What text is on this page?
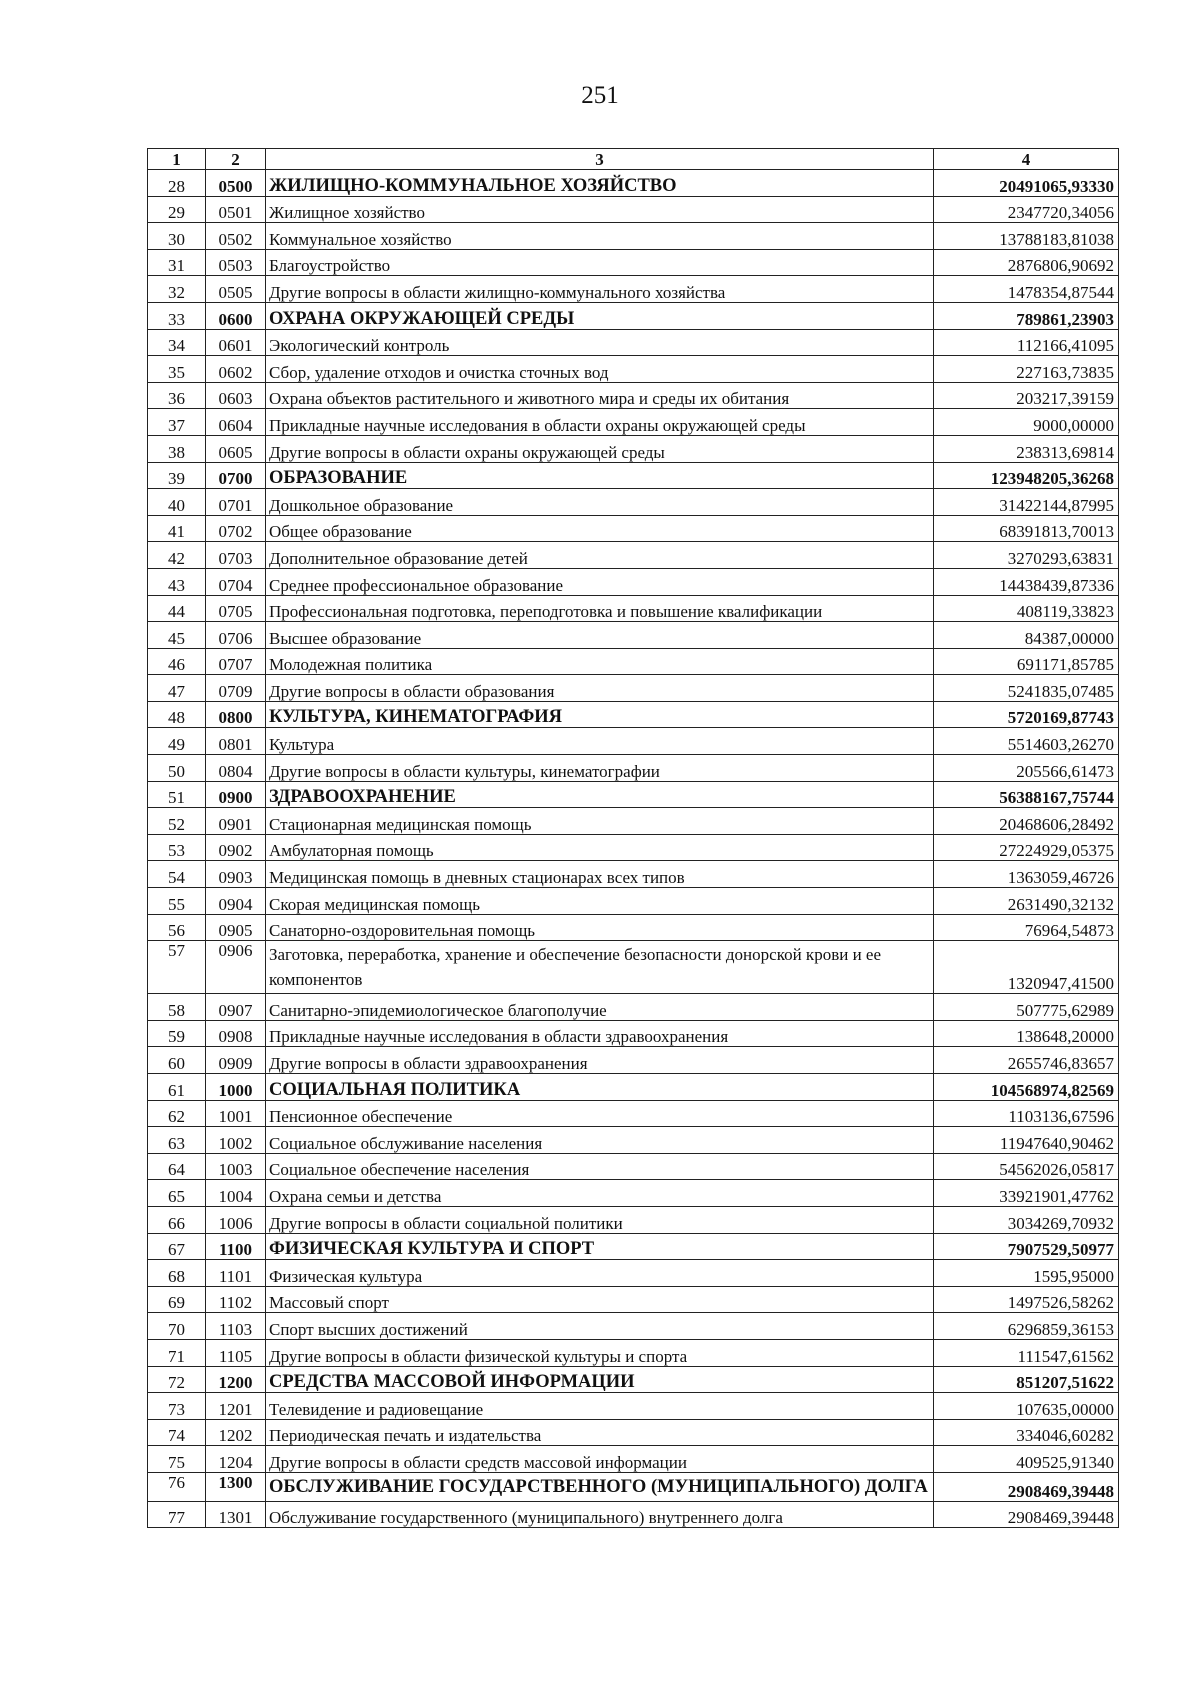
251
1	2	3	4
28	0500	ЖИЛИЩНО-КОММУНАЛЬНОЕ ХОЗЯЙСТВО	20491065,93330
29	0501	Жилищное хозяйство	2347720,34056
30	0502	Коммунальное хозяйство	13788183,81038
31	0503	Благоустройство	2876806,90692
32	0505	Другие вопросы в области жилищно-коммунального хозяйства	1478354,87544
33	0600	ОХРАНА ОКРУЖАЮЩЕЙ СРЕДЫ	789861,23903
34	0601	Экологический контроль	112166,41095
35	0602	Сбор, удаление отходов и очистка сточных вод	227163,73835
36	0603	Охрана объектов растительного и животного мира и среды их обитания	203217,39159
37	0604	Прикладные научные исследования в области охраны окружающей среды	9000,00000
38	0605	Другие вопросы в области охраны окружающей среды	238313,69814
39	0700	ОБРАЗОВАНИЕ	123948205,36268
40	0701	Дошкольное образование	31422144,87995
41	0702	Общее образование	68391813,70013
42	0703	Дополнительное образование детей	3270293,63831
43	0704	Среднее профессиональное образование	14438439,87336
44	0705	Профессиональная подготовка, переподготовка и повышение квалификации	408119,33823
45	0706	Высшее образование	84387,00000
46	0707	Молодежная политика	691171,85785
47	0709	Другие вопросы в области образования	5241835,07485
48	0800	КУЛЬТУРА, КИНЕМАТОГРАФИЯ	5720169,87743
49	0801	Культура	5514603,26270
50	0804	Другие вопросы в области культуры, кинематографии	205566,61473
51	0900	ЗДРАВООХРАНЕНИЕ	56388167,75744
52	0901	Стационарная медицинская помощь	20468606,28492
53	0902	Амбулаторная помощь	27224929,05375
54	0903	Медицинская помощь в дневных стационарах всех типов	1363059,46726
55	0904	Скорая медицинская помощь	2631490,32132
56	0905	Санаторно-оздоровительная помощь	76964,54873
57	0906	Заготовка, переработка, хранение и обеспечение безопасности донорской крови и ее компонентов	1320947,41500
58	0907	Санитарно-эпидемиологическое благополучие	507775,62989
59	0908	Прикладные научные исследования в области здравоохранения	138648,20000
60	0909	Другие вопросы в области здравоохранения	2655746,83657
61	1000	СОЦИАЛЬНАЯ ПОЛИТИКА	104568974,82569
62	1001	Пенсионное обеспечение	1103136,67596
63	1002	Социальное обслуживание населения	11947640,90462
64	1003	Социальное обеспечение населения	54562026,05817
65	1004	Охрана семьи и детства	33921901,47762
66	1006	Другие вопросы в области социальной политики	3034269,70932
67	1100	ФИЗИЧЕСКАЯ КУЛЬТУРА И СПОРТ	7907529,50977
68	1101	Физическая культура	1595,95000
69	1102	Массовый спорт	1497526,58262
70	1103	Спорт высших достижений	6296859,36153
71	1105	Другие вопросы в области физической культуры и спорта	111547,61562
72	1200	СРЕДСТВА МАССОВОЙ ИНФОРМАЦИИ	851207,51622
73	1201	Телевидение и радиовещание	107635,00000
74	1202	Периодическая печать и издательства	334046,60282
75	1204	Другие вопросы в области средств массовой информации	409525,91340
76	1300	ОБСЛУЖИВАНИЕ ГОСУДАРСТВЕННОГО (МУНИЦИПАЛЬНОГО) ДОЛГА	2908469,39448
77	1301	Обслуживание государственного (муниципального) внутреннего долга	2908469,39448
